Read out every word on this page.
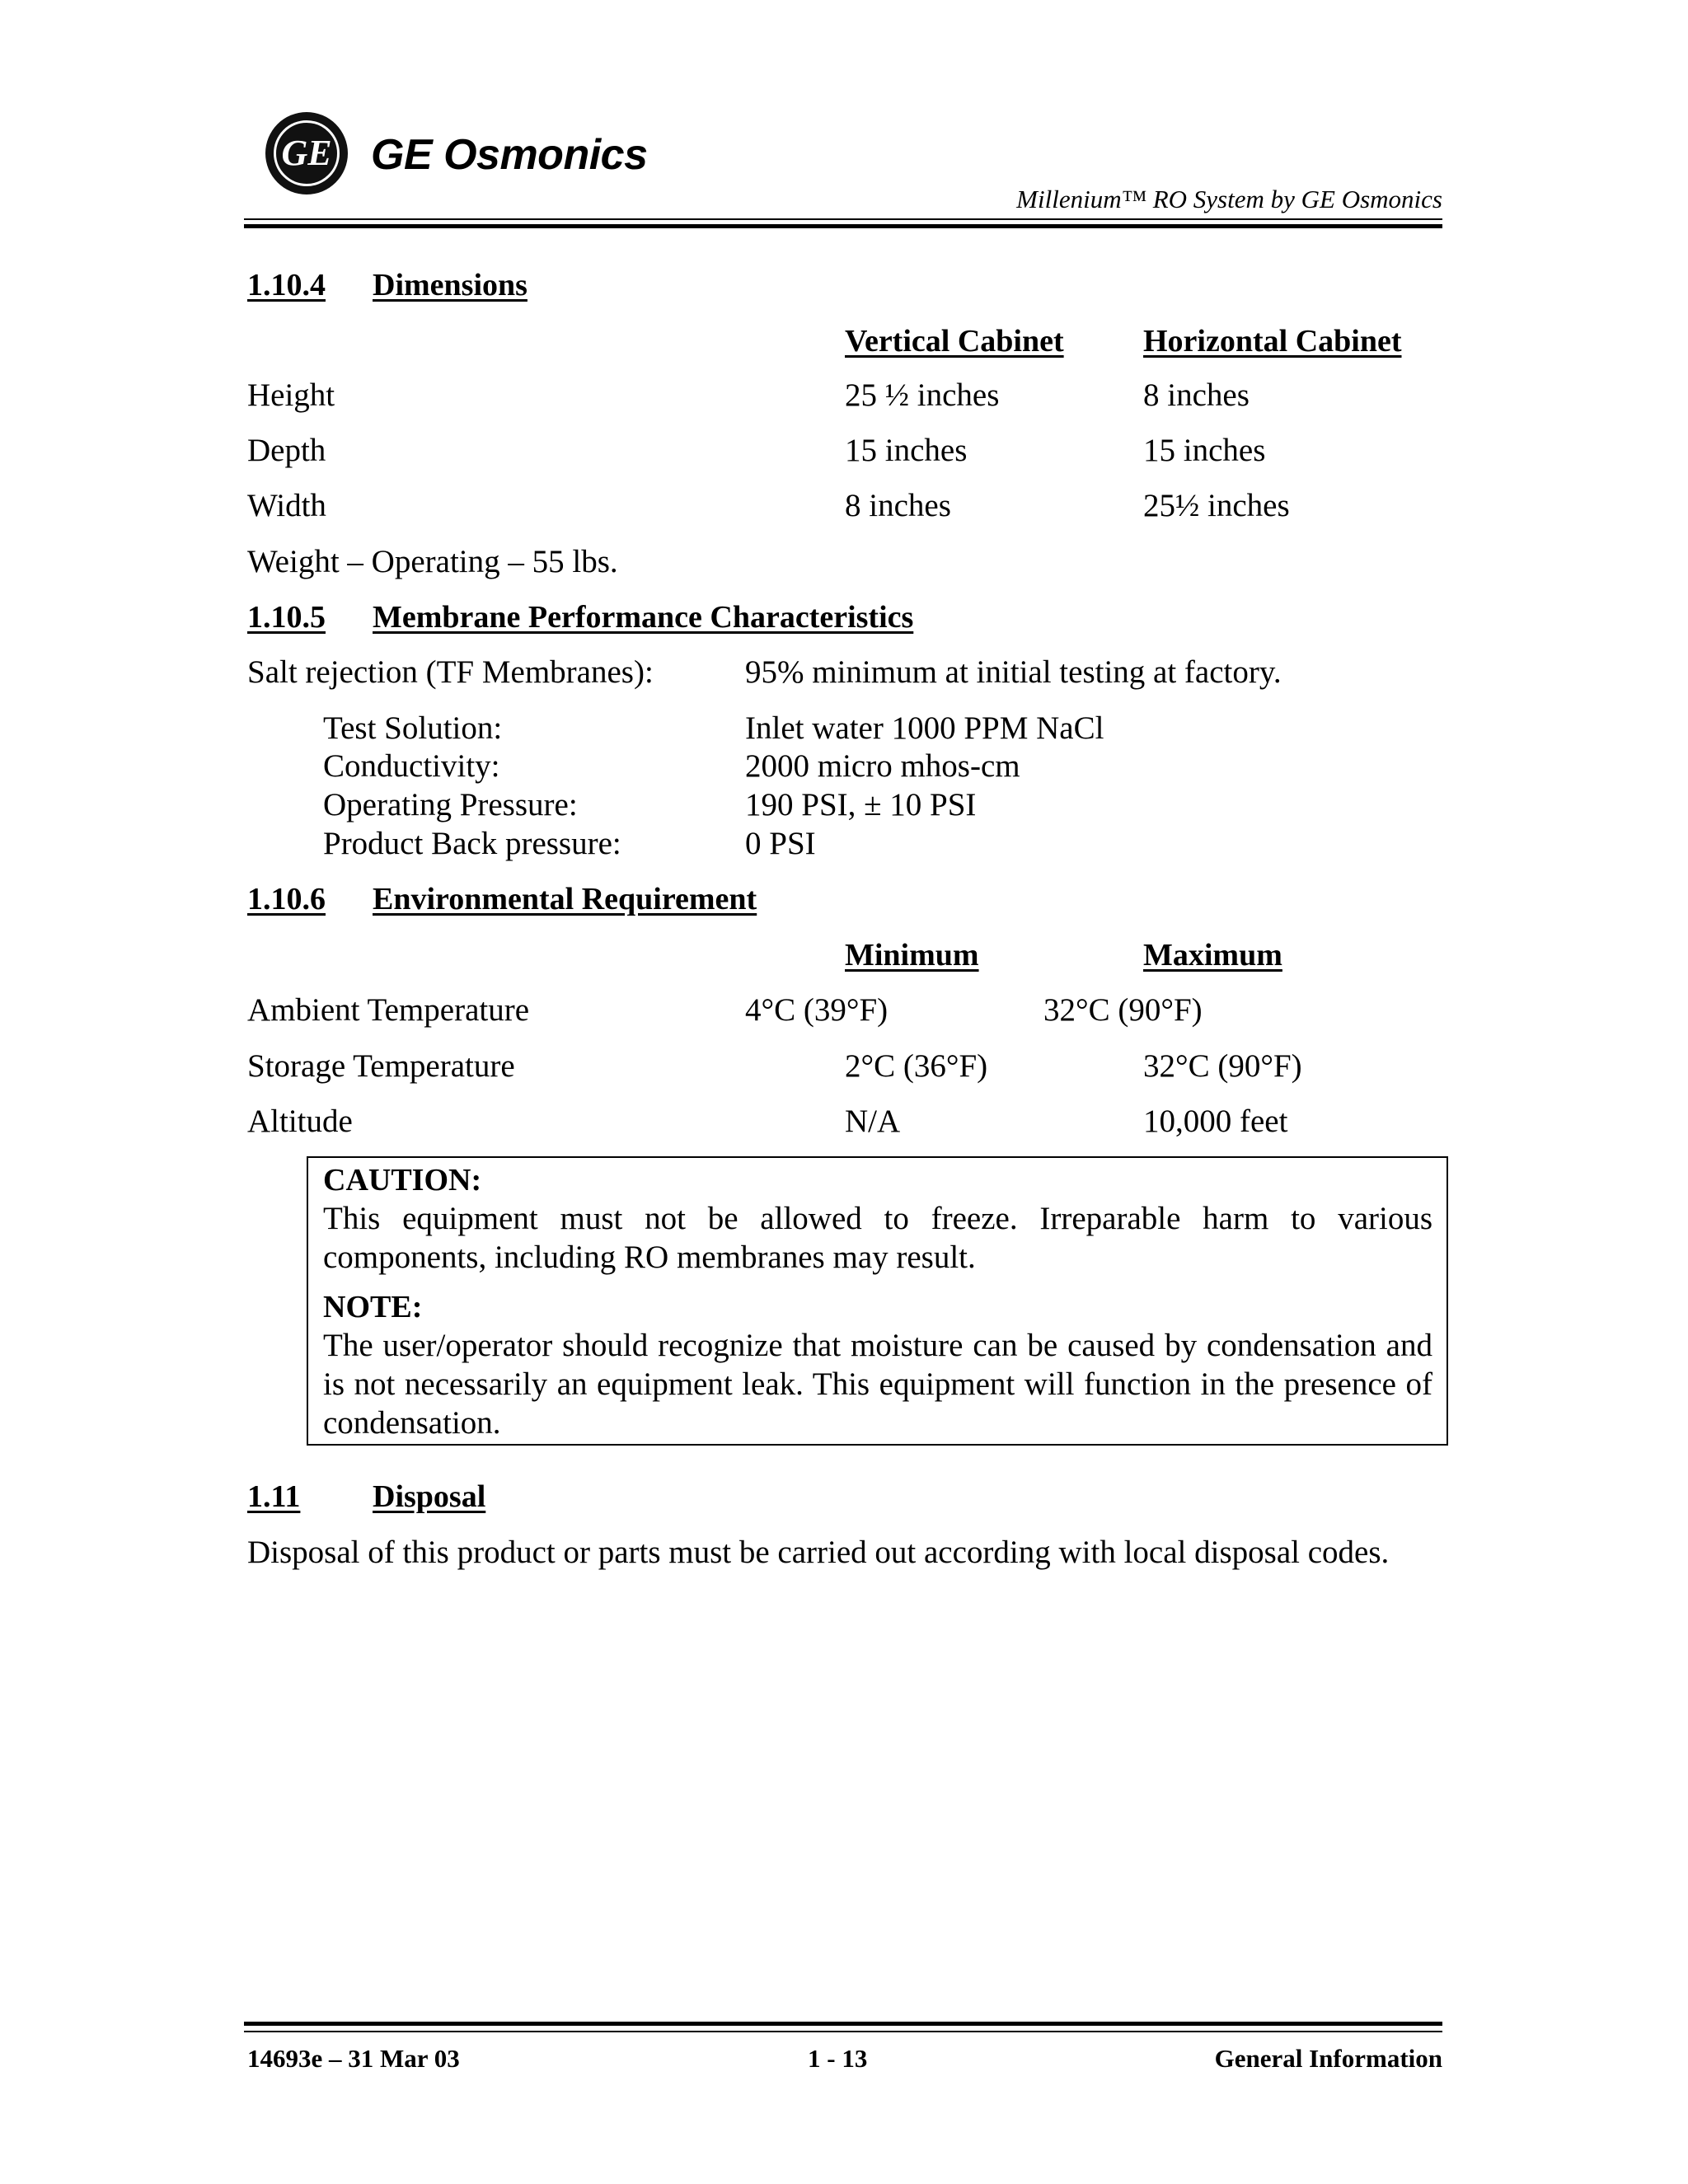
GE GE Osmonics
Millenium™ RO System by GE Osmonics
1.10.4 Dimensions
Vertical Cabinet	Horizontal Cabinet
Height	25 ½ inches	8 inches
Depth	15 inches	15 inches
Width	8 inches	25½ inches
Weight – Operating – 55 lbs.
1.10.5 Membrane Performance Characteristics
Salt rejection (TF Membranes):	95% minimum at initial testing at factory.
Test Solution:	Inlet water 1000 PPM NaCl
Conductivity:	2000 micro mhos-cm
Operating Pressure:	190 PSI, ± 10 PSI
Product Back pressure:	0 PSI
1.10.6 Environmental Requirement
Minimum	Maximum
Ambient Temperature	4°C (39°F)	32°C (90°F)
Storage Temperature	2°C (36°F)	32°C (90°F)
Altitude	N/A	10,000 feet
CAUTION:
This equipment must not be allowed to freeze. Irreparable harm to various components, including RO membranes may result.
NOTE:
The user/operator should recognize that moisture can be caused by condensation and is not necessarily an equipment leak. This equipment will function in the presence of condensation.
1.11 Disposal
Disposal of this product or parts must be carried out according with local disposal codes.
14693e – 31 Mar 03	1 - 13	General Information
